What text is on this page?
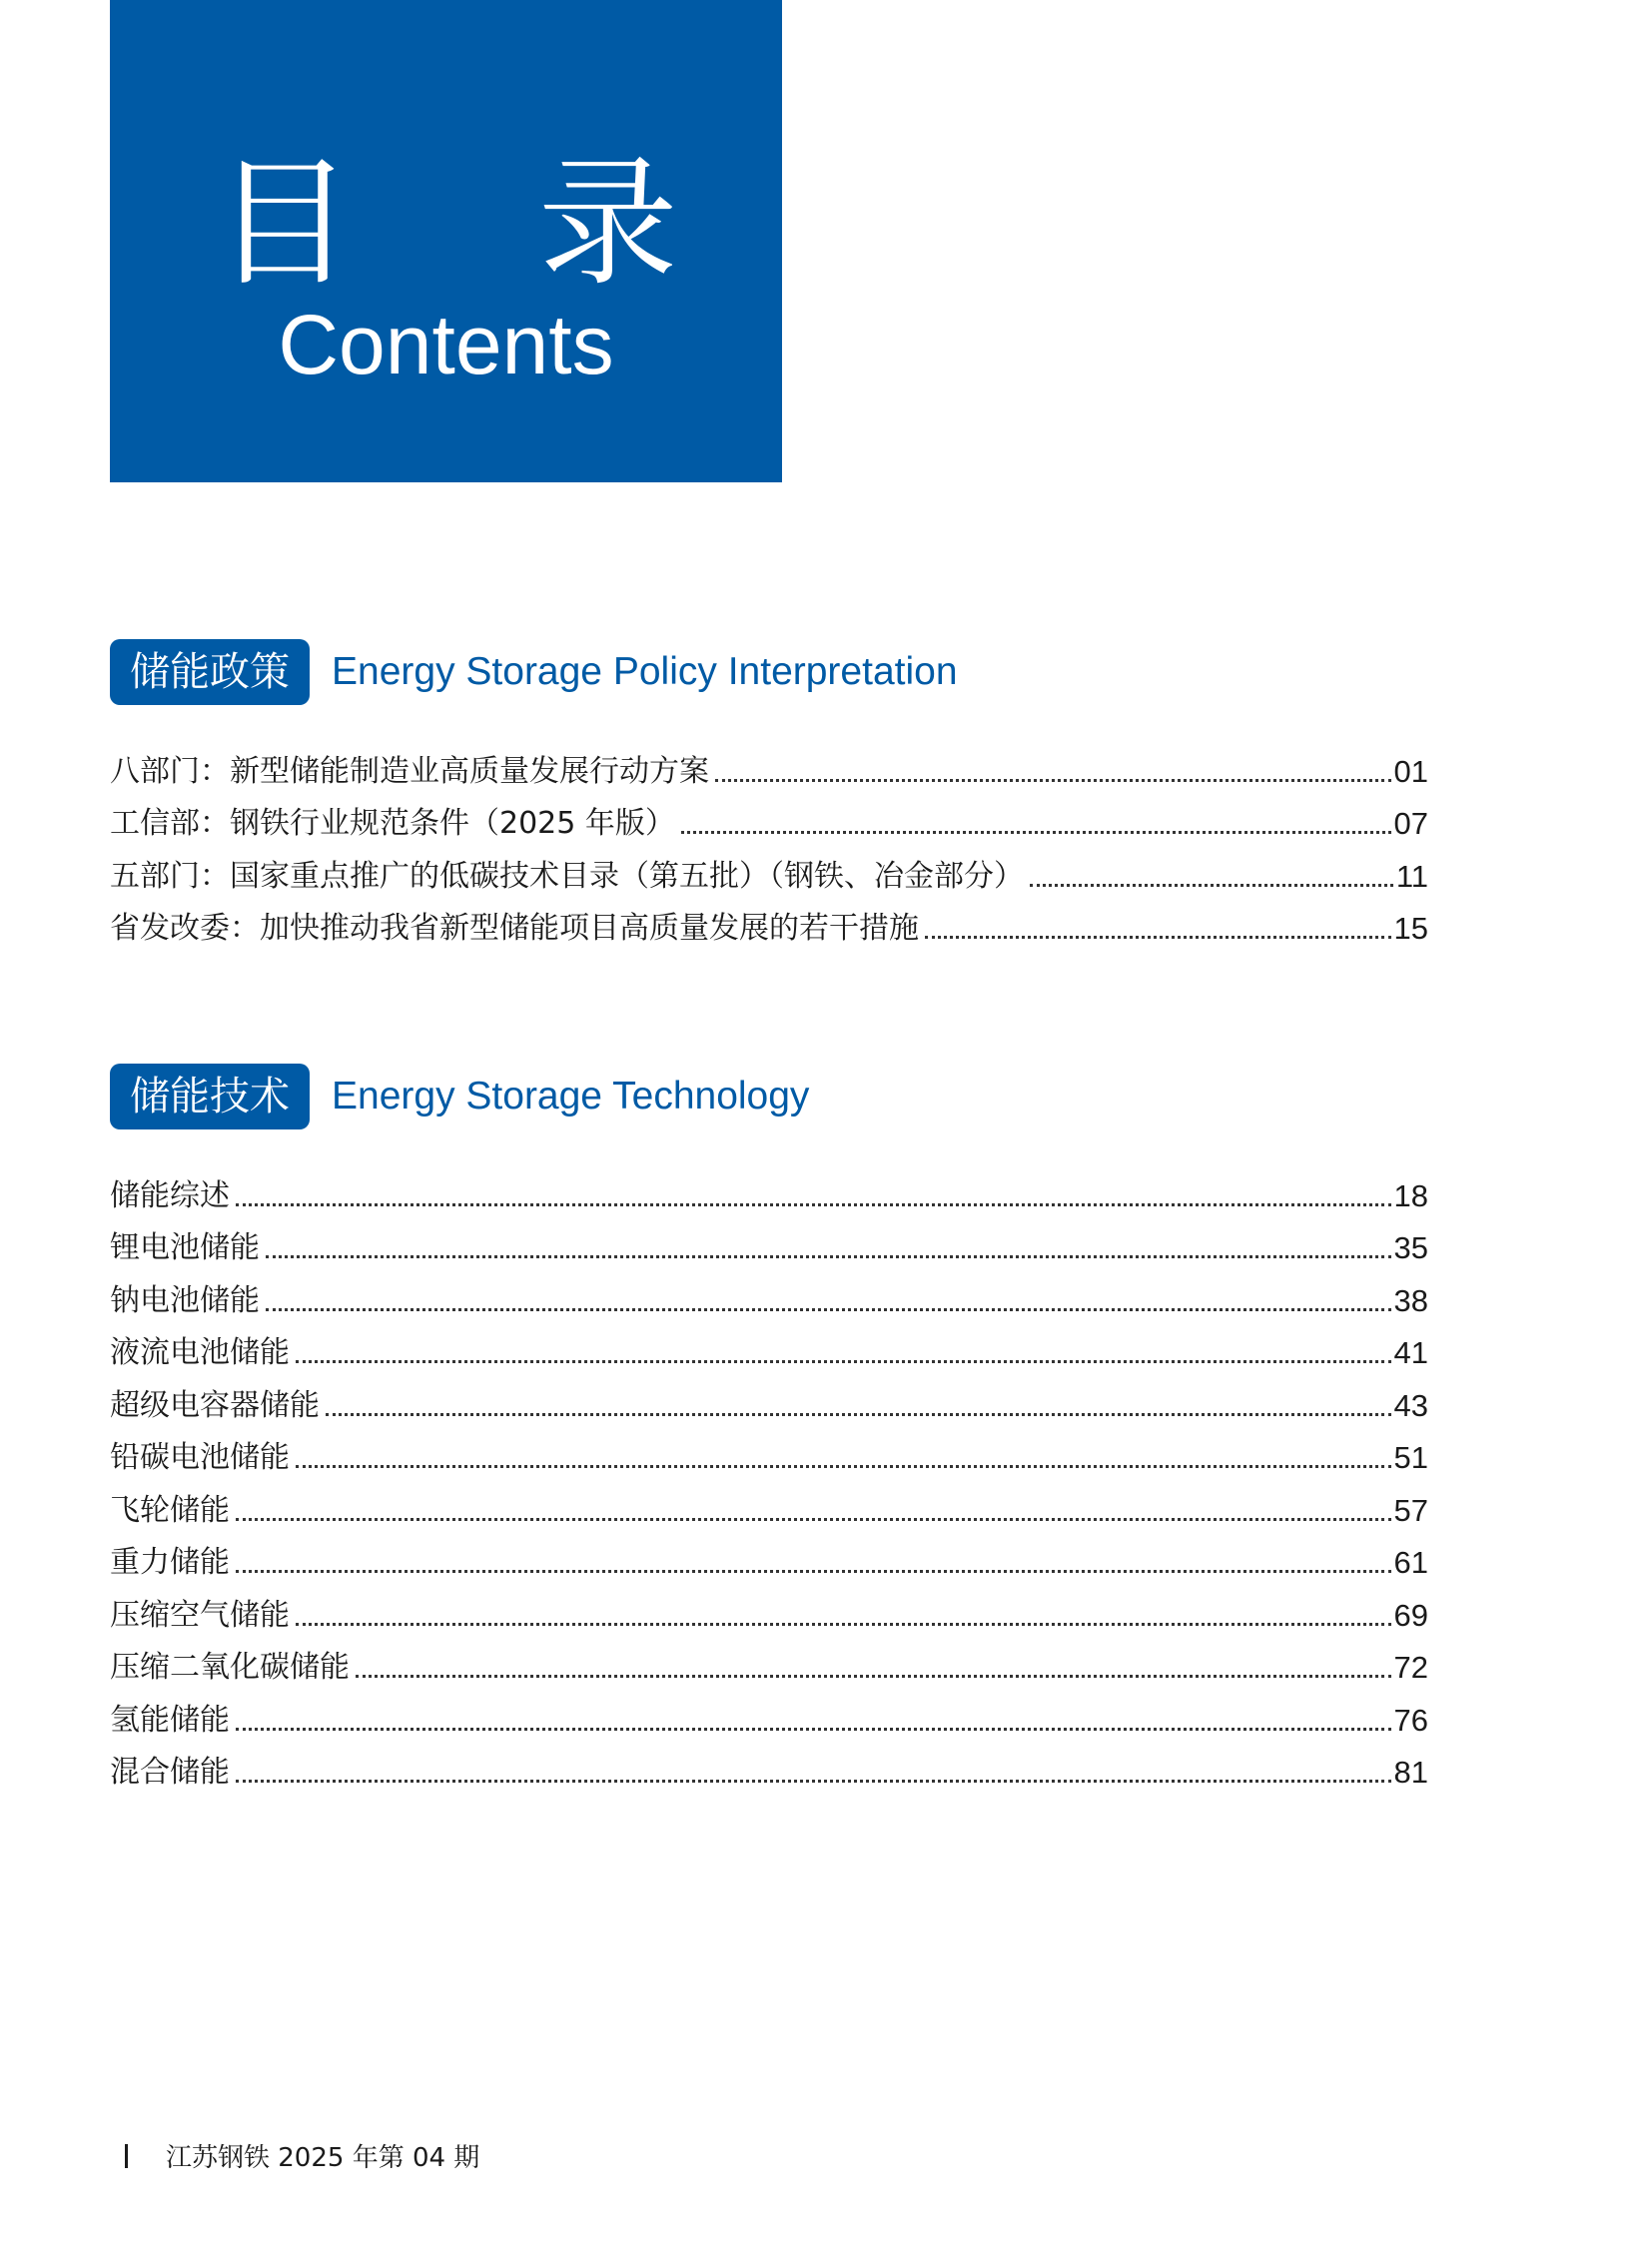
目 录
Contents
储能政策	Energy Storage Policy Interpretation
八部门：新型储能制造业高质量发展行动方案	01
工信部：钢铁行业规范条件（2025 年版）	07
五部门：国家重点推广的低碳技术目录（第五批）（钢铁、冶金部分）	11
省发改委：加快推动我省新型储能项目高质量发展的若干措施	15
储能技术	Energy Storage Technology
储能综述	18
锂电池储能	35
钠电池储能	38
液流电池储能	41
超级电容器储能	43
铅碳电池储能	51
飞轮储能	57
重力储能	61
压缩空气储能	69
压缩二氧化碳储能	72
氢能储能	76
混合储能	81
江苏钢铁 2025 年第 04 期
